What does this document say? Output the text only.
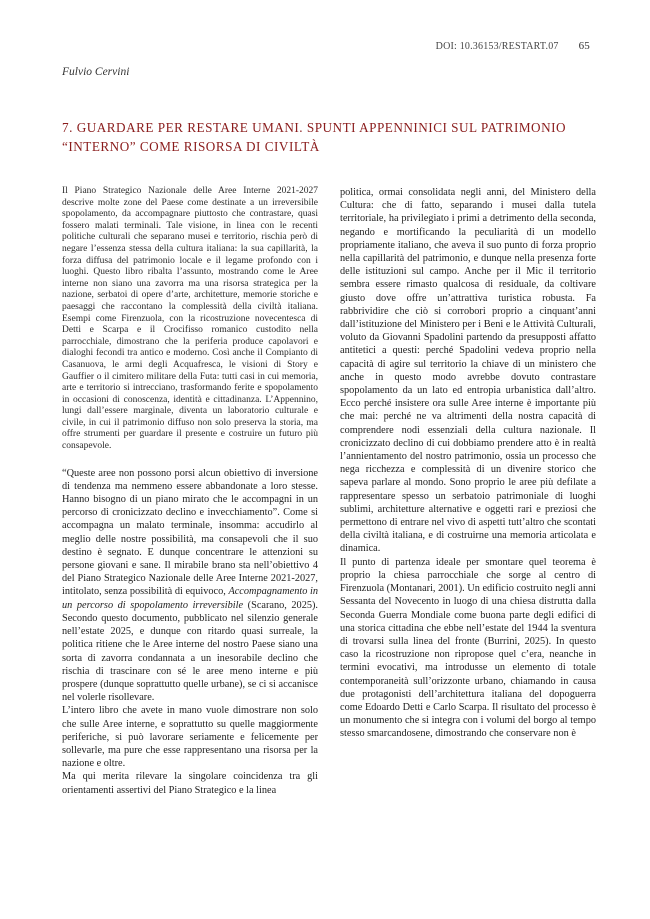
DOI: 10.36153/RESTART.07 65
Fulvio Cervini
7. GUARDARE PER RESTARE UMANI. SPUNTI APPENNINICI SUL PATRIMONIO “INTERNO” COME RISORSA DI CIVILTÀ

Il Piano Strategico Nazionale delle Aree Interne 2021-2027 descrive molte zone del Paese come destinate a un irreversibile spopolamento, da accompagnare piuttosto che contrastare, quasi fossero malati terminali. Tale visione, in linea con le recenti politiche culturali che separano musei e territorio, rischia però di negare l’essenza stessa della cultura italiana: la sua capillarità, la forza diffusa del patrimonio locale e il legame profondo con i luoghi. Questo libro ribalta l’assunto, mostrando come le Aree interne non siano una zavorra ma una risorsa strategica per la nazione, serbatoi di opere d’arte, architetture, memorie storiche e paesaggi che raccontano la complessità della civiltà italiana. Esempi come Firenzuola, con la ricostruzione novecentesca di Detti e Scarpa e il Crocifisso romanico custodito nella parrocchiale, dimostrano che la periferia produce capolavori e dialoghi fecondi tra antico e moderno. Così anche il Compianto di Casanuova, le armi degli Acquafresca, le visioni di Story e Gauffier o il cimitero militare della Futa: tutti casi in cui memoria, arte e territorio si intrecciano, trasformando ferite e spopolamento in occasioni di conoscenza, identità e cittadinanza. L’Appennino, lungi dall’essere marginale, diventa un laboratorio culturale e civile, in cui il patrimonio diffuso non solo preserva la storia, ma offre strumenti per guardare il presente e costruire un futuro più consapevole.

“Queste aree non possono porsi alcun obiettivo di inversione di tendenza ma nemmeno essere abbandonate a loro stesse. Hanno bisogno di un piano mirato che le accompagni in un percorso di cronicizzato declino e invecchiamento”. Come si accompagna un malato terminale, insomma: accudirlo al meglio delle nostre possibilità, ma consapevoli che il suo destino è segnato. E dunque concentrare le attenzioni su persone giovani e sane. Il mirabile brano sta nell’obiettivo 4 del Piano Strategico Nazionale delle Aree Interne 2021-2027, intitolato, senza possibilità di equivoco, Accompagnamento in un percorso di spopolamento irreversibile (Scarano, 2025). Secondo questo documento, pubblicato nel silenzio generale nell’estate 2025, e dunque con ritardo quasi surreale, la politica ritiene che le Aree interne del nostro Paese siano una sorta di zavorra condannata a un inesorabile declino che rischia di trascinare con sé le aree meno interne e più prospere (dunque soprattutto quelle urbane), se ci si accanisce nel volerle risollevare.

L’intero libro che avete in mano vuole dimostrare non solo che sulle Aree interne, e soprattutto su quelle maggiormente periferiche, si può lavorare seriamente e felicemente per sollevarle, ma pure che esse rappresentano una risorsa per la nazione e oltre.

Ma qui merita rilevare la singolare coincidenza tra gli orientamenti assertivi del Piano Strategico e la linea

politica, ormai consolidata negli anni, del Ministero della Cultura: che di fatto, separando i musei dalla tutela territoriale, ha privilegiato i primi a detrimento della seconda, negando e mortificando la peculiarità di un modello propriamente italiano, che aveva il suo punto di forza proprio nella capillarità del patrimonio, e dunque nella presenza forte delle istituzioni sul campo. Anche per il Mic il territorio sembra essere rimasto qualcosa di residuale, da coltivare giusto dove offre un’attrattiva turistica robusta. Fa rabbrividire che ciò si corrobori proprio a cinquant’anni dall’istituzione del Ministero per i Beni e le Attività Culturali, voluto da Giovanni Spadolini partendo da presupposti affatto antitetici a questi: perché Spadolini vedeva proprio nella capacità di agire sul territorio la chiave di un ministero che anche in questo modo avrebbe dovuto contrastare spopolamento da un lato ed entropia urbanistica dall’altro. Ecco perché insistere ora sulle Aree interne è importante più che mai: perché ne va altrimenti della nostra capacità di comprendere nodi essenziali della cultura nazionale. Il cronicizzato declino di cui dobbiamo prendere atto è in realtà l’annientamento del nostro patrimonio, ossia un processo che nega ricchezza e complessità di un divenire storico che sapeva parlare al mondo. Sono proprio le aree più defilate a rappresentare spesso un serbatoio patrimoniale di luoghi sublimi, architetture alternative e oggetti rari e preziosi che permettono di entrare nel vivo di aspetti tutt’altro che scontati della civiltà italiana, e di costruirne una memoria articolata e dinamica.

Il punto di partenza ideale per smontare quel teorema è proprio la chiesa parrocchiale che sorge al centro di Firenzuola (Montanari, 2001). Un edificio costruito negli anni Sessanta del Novecento in luogo di una chiesa distrutta dalla Seconda Guerra Mondiale come buona parte degli edifici di una storica cittadina che ebbe nell’estate del 1944 la sventura di trovarsi sulla linea del fronte (Burrini, 2025). In questo caso la ricostruzione non ripropose quel c’era, neanche in termini evocativi, ma introdusse un elemento di totale contemporaneità sull’orizzonte urbano, chiamando in causa due protagonisti dell’architettura italiana del dopoguerra come Edoardo Detti e Carlo Scarpa. Il risultato del processo è un monumento che si integra con i volumi del borgo al tempo stesso smarcandosene, dimostrando che conservare non è
